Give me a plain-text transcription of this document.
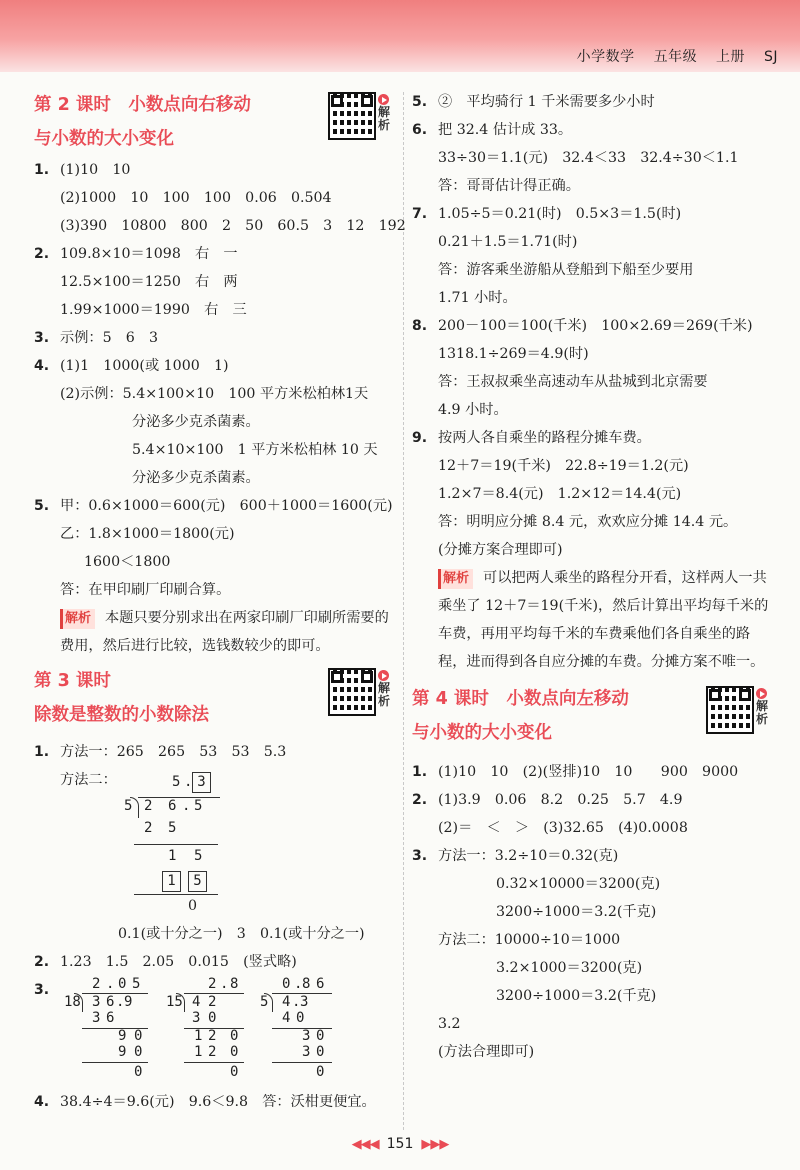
小学数学 五年级 上册 SJ
第 2 课时　小数点向右移动	解析
与小数的大小变化
1. (1)10　10
(2)1000　10　100　100　0.06　0.504
(3)390　10800　800　2　50　60.5　3　12　192
2. 109.8×10＝1098　右　一
12.5×100＝1250　右　两
1.99×1000＝1990　右　三
3. 示例：5　6　3
4. (1)1　1000(或 1000　1)
(2)示例：5.4×100×10　100 平方米松柏林1天
分泌多少克杀菌素。
5.4×10×100　1 平方米松柏林 10 天
分泌多少克杀菌素。
5. 甲：0.6×1000＝600(元)　600＋1000＝1600(元)
乙：1.8×1000＝1800(元)
1600＜1800
答：在甲印刷厂印刷合算。
解析 本题只要分别求出在两家印刷厂印刷所需要的费用，然后进行比较，选钱数较少的即可。
第 3 课时	解析
除数是整数的小数除法
1. 方法一：265　265　53　53　5.3
方法二：	5 . 3
5 2 6 . 5
2 5
1 5
1	5
0
0.1(或十分之一)　3　0.1(或十分之一)
2. 1.23　1.5　2.05　0.015　(竖式略)
3.	2 . 0 5
18 3 6 . 9
3 6
9 0
9 0
0
2 . 8
15 4 2
3 0
1 2 0
1 2 0
0
0 . 8 6
5 4 . 3
4 0
3 0
3 0
0
4. 38.4÷4＝9.6(元)　9.6＜9.8　答：沃柑更便宜。
5. ②　平均骑行 1 千米需要多少小时
6. 把 32.4 估计成 33。
33÷30＝1.1(元)　32.4＜33　32.4÷30＜1.1
答：哥哥估计得正确。
7. 1.05÷5＝0.21(时)　0.5×3＝1.5(时)
0.21＋1.5＝1.71(时)
答：游客乘坐游船从登船到下船至少要用
1.71 小时。
8. 200－100＝100(千米)　100×2.69＝269(千米)
1318.1÷269＝4.9(时)
答：王叔叔乘坐高速动车从盐城到北京需要
4.9 小时。
9. 按两人各自乘坐的路程分摊车费。
12＋7＝19(千米)　22.8÷19＝1.2(元)
1.2×7＝8.4(元)　1.2×12＝14.4(元)
答：明明应分摊 8.4 元，欢欢应分摊 14.4 元。
(分摊方案合理即可)
解析 可以把两人乘坐的路程分开看，这样两人一共乘坐了 12＋7＝19(千米)，然后计算出平均每千米的车费，再用平均每千米的车费乘他们各自乘坐的路程，进而得到各自应分摊的车费。分摊方案不唯一。
第 4 课时　小数点向左移动	解析
与小数的大小变化
1. (1)10　10　(2)(竖排)10　10　　900　9000
2. (1)3.9　0.06　8.2　0.25　5.7　4.9
(2)＝　＜　＞　(3)32.65　(4)0.0008
3. 方法一：3.2÷10＝0.32(克)
0.32×10000＝3200(克)
3200÷1000＝3.2(千克)
方法二：10000÷10＝1000
3.2×1000＝3200(克)
3200÷1000＝3.2(千克)
3.2
(方法合理即可)
◀◀◀ 151 ▶▶▶
